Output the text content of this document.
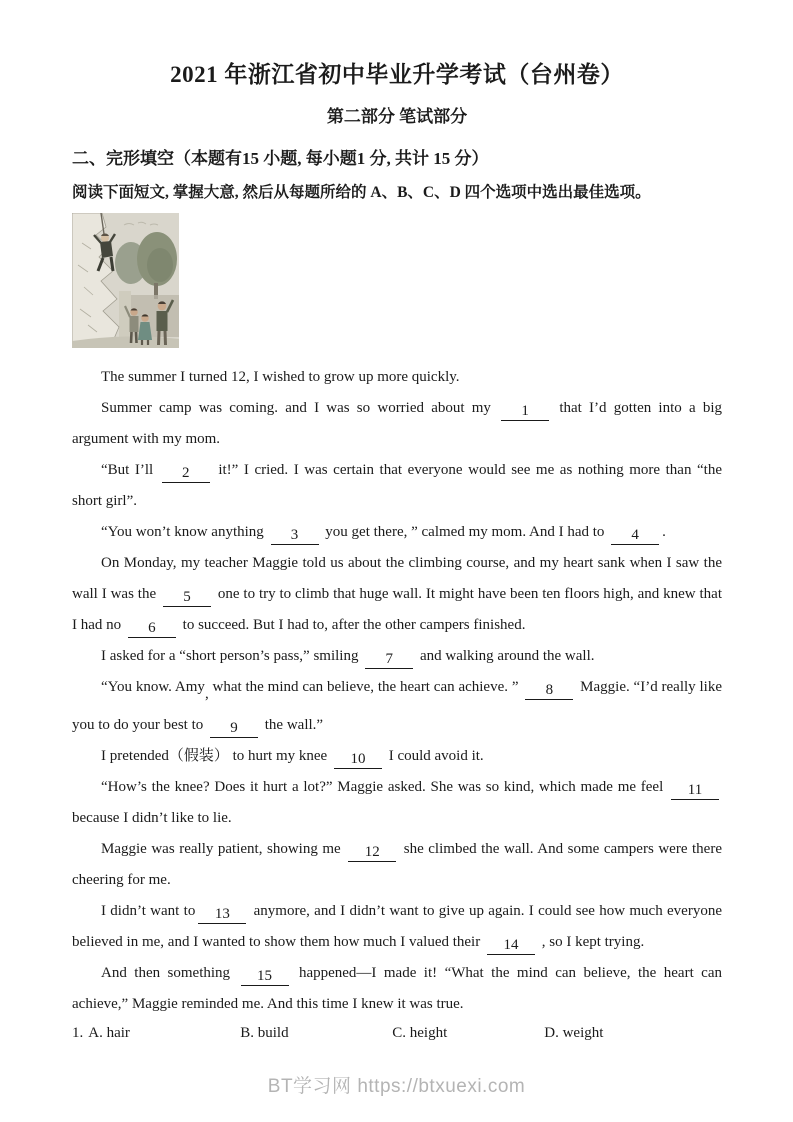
2021 年浙江省初中毕业升学考试（台州卷）
第二部分 笔试部分
二、完形填空（本题有15 小题, 每小题1 分, 共计 15 分）
阅读下面短文, 掌握大意, 然后从每题所给的 A、B、C、D 四个选项中选出最佳选项。

The summer I turned 12, I wished to grow up more quickly.

Summer camp was coming. and I was so worried about my 1 that I’d gotten into a big argument with my mom.

“But I’ll 2 it!” I cried. I was certain that everyone would see me as nothing more than “the short girl”.

“You won’t know anything 3 you get there, ” calmed my mom. And I had to 4 .

On Monday, my teacher Maggie told us about the climbing course, and my heart sank when I saw the wall I was the 5 one to try to climb that huge wall. It might have been ten floors high, and knew that I had no 6 to succeed. But I had to, after the other campers finished.

I asked for a “short person’s pass,” smiling 7 and walking around the wall.

“You know. Amy, what the mind can believe, the heart can achieve. ” 8 Maggie. “I’d really like you to do your best to 9 the wall.”

I pretended（假装） to hurt my knee 10 I could avoid it.

“How’s the knee? Does it hurt a lot?” Maggie asked. She was so kind, which made me feel 11 because I didn’t like to lie.

Maggie was really patient, showing me 12 she climbed the wall. And some campers were there cheering for me.

I didn’t want to 13 anymore, and I didn’t want to give up again. I could see how much everyone believed in me, and I wanted to show them how much I valued their 14 , so I kept trying.

And then something 15 happened—I made it! “What the mind can believe, the heart can achieve,” Maggie reminded me. And this time I knew it was true.

1. A. hair	B. build	C. height	D. weight
BT学习网 https://btxuexi.com
